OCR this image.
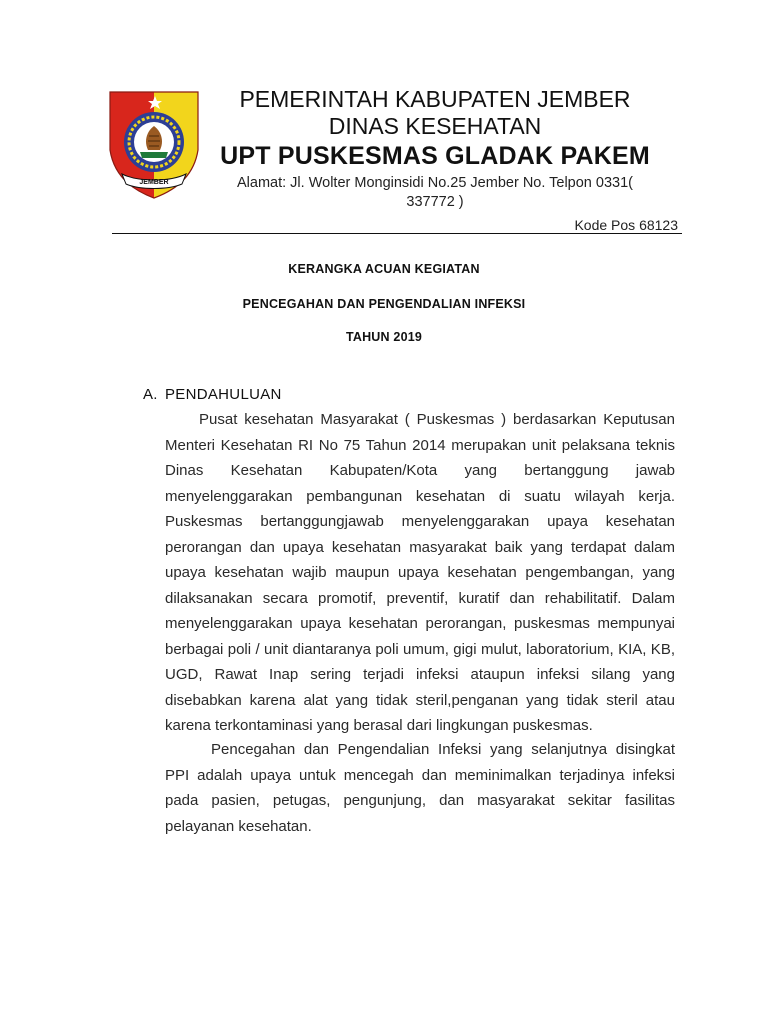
JEMBER
PEMERINTAH KABUPATEN JEMBER
DINAS KESEHATAN
UPT PUSKESMAS GLADAK PAKEM
Alamat: Jl. Wolter Monginsidi No.25 Jember No. Telpon 0331( 337772 )
Kode Pos 68123
KERANGKA ACUAN KEGIATAN
PENCEGAHAN DAN PENGENDALIAN INFEKSI
TAHUN 2019
A. PENDAHULUAN

Pusat kesehatan Masyarakat ( Puskesmas ) berdasarkan Keputusan Menteri Kesehatan RI No 75 Tahun 2014 merupakan unit pelaksana teknis Dinas Kesehatan Kabupaten/Kota yang bertanggung jawab menyelenggarakan pembangunan kesehatan di suatu wilayah kerja. Puskesmas bertanggungjawab menyelenggarakan upaya kesehatan perorangan dan upaya kesehatan masyarakat baik yang terdapat dalam upaya kesehatan wajib maupun upaya kesehatan pengembangan, yang dilaksanakan secara promotif, preventif, kuratif dan rehabilitatif. Dalam menyelenggarakan upaya kesehatan perorangan, puskesmas mempunyai berbagai poli / unit diantaranya poli umum, gigi mulut, laboratorium, KIA, KB, UGD, Rawat Inap sering terjadi infeksi ataupun infeksi silang yang disebabkan karena alat yang tidak steril,penganan yang tidak steril atau karena terkontaminasi yang berasal dari lingkungan puskesmas.

Pencegahan dan Pengendalian Infeksi yang selanjutnya disingkat PPI adalah upaya untuk mencegah dan meminimalkan terjadinya infeksi pada pasien, petugas, pengunjung, dan masyarakat sekitar fasilitas pelayanan kesehatan.
